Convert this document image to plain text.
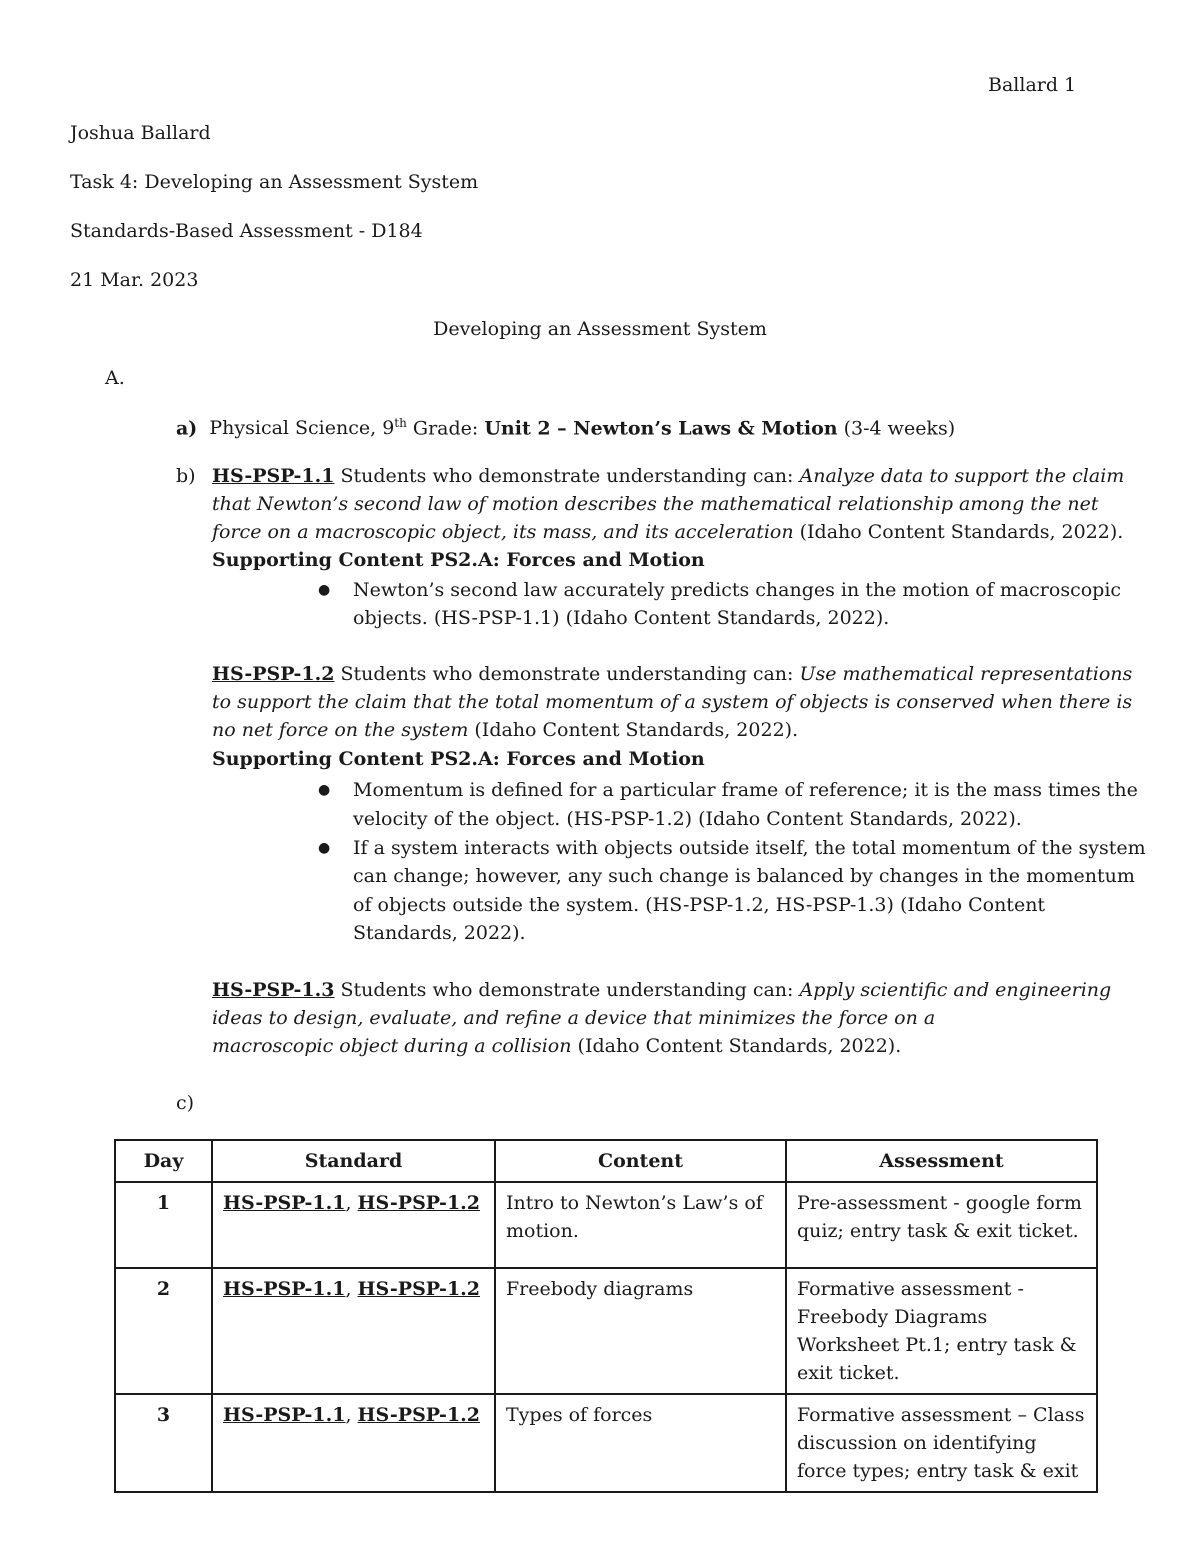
Ballard 1
Joshua Ballard
Task 4: Developing an Assessment System
Standards-Based Assessment - D184
21 Mar. 2023
Developing an Assessment System
A.
a) Physical Science, 9th Grade: Unit 2 – Newton’s Laws & Motion (3-4 weeks)
b) HS-PSP-1.1 Students who demonstrate understanding can: Analyze data to support the claim
that Newton’s second law of motion describes the mathematical relationship among the net
force on a macroscopic object, its mass, and its acceleration (Idaho Content Standards, 2022).
Supporting Content PS2.A: Forces and Motion
● Newton’s second law accurately predicts changes in the motion of macroscopic
objects. (HS-PSP-1.1) (Idaho Content Standards, 2022).
HS-PSP-1.2 Students who demonstrate understanding can: Use mathematical representations
to support the claim that the total momentum of a system of objects is conserved when there is
no net force on the system (Idaho Content Standards, 2022).
Supporting Content PS2.A: Forces and Motion
● Momentum is defined for a particular frame of reference; it is the mass times the
velocity of the object. (HS-PSP-1.2) (Idaho Content Standards, 2022).
● If a system interacts with objects outside itself, the total momentum of the system
can change; however, any such change is balanced by changes in the momentum
of objects outside the system. (HS-PSP-1.2, HS-PSP-1.3) (Idaho Content
Standards, 2022).
HS-PSP-1.3 Students who demonstrate understanding can: Apply scientific and engineering
ideas to design, evaluate, and refine a device that minimizes the force on a
macroscopic object during a collision (Idaho Content Standards, 2022).
c)
Day	Standard	Content	Assessment
1	HS-PSP-1.1, HS-PSP-1.2	Intro to Newton’s Law’s of motion.	Pre-assessment - google form quiz; entry task & exit ticket.
2	HS-PSP-1.1, HS-PSP-1.2	Freebody diagrams	Formative assessment - Freebody Diagrams Worksheet Pt.1; entry task & exit ticket.
3	HS-PSP-1.1, HS-PSP-1.2	Types of forces	Formative assessment – Class discussion on identifying force types; entry task & exit
